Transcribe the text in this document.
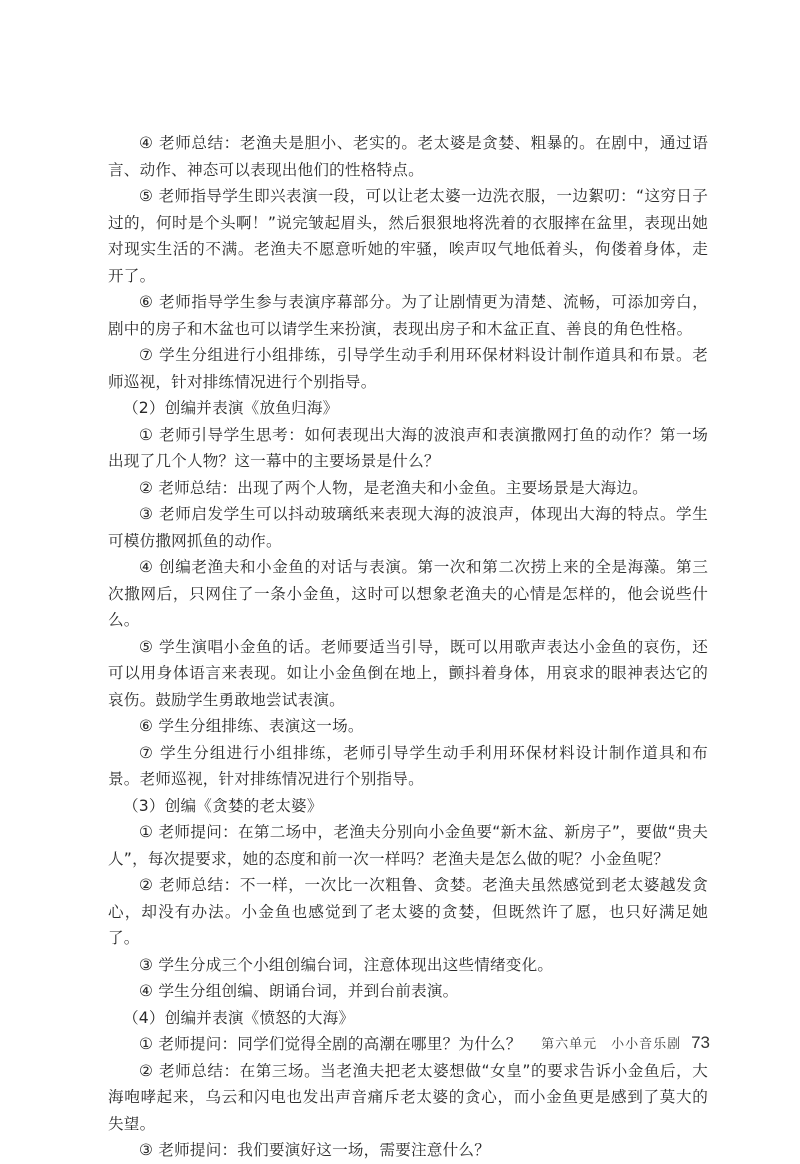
④ 老师总结：老渔夫是胆小、老实的。老太婆是贪婪、粗暴的。在剧中，通过语言、动作、神态可以表现出他们的性格特点。

⑤ 老师指导学生即兴表演一段，可以让老太婆一边洗衣服，一边絮叨：“这穷日子过的，何时是个头啊！”说完皱起眉头，然后狠狠地将洗着的衣服摔在盆里，表现出她对现实生活的不满。老渔夫不愿意听她的牢骚，唉声叹气地低着头，佝偻着身体，走开了。

⑥ 老师指导学生参与表演序幕部分。为了让剧情更为清楚、流畅，可添加旁白，剧中的房子和木盆也可以请学生来扮演，表现出房子和木盆正直、善良的角色性格。

⑦ 学生分组进行小组排练，引导学生动手利用环保材料设计制作道具和布景。老师巡视，针对排练情况进行个别指导。

（2）创编并表演《放鱼归海》

① 老师引导学生思考：如何表现出大海的波浪声和表演撒网打鱼的动作？第一场出现了几个人物？这一幕中的主要场景是什么？

② 老师总结：出现了两个人物，是老渔夫和小金鱼。主要场景是大海边。

③ 老师启发学生可以抖动玻璃纸来表现大海的波浪声，体现出大海的特点。学生可模仿撒网抓鱼的动作。

④ 创编老渔夫和小金鱼的对话与表演。第一次和第二次捞上来的全是海藻。第三次撒网后，只网住了一条小金鱼，这时可以想象老渔夫的心情是怎样的，他会说些什么。

⑤ 学生演唱小金鱼的话。老师要适当引导，既可以用歌声表达小金鱼的哀伤，还可以用身体语言来表现。如让小金鱼倒在地上，颤抖着身体，用哀求的眼神表达它的哀伤。鼓励学生勇敢地尝试表演。

⑥ 学生分组排练、表演这一场。

⑦ 学生分组进行小组排练，老师引导学生动手利用环保材料设计制作道具和布景。老师巡视，针对排练情况进行个别指导。

（3）创编《贪婪的老太婆》

① 老师提问：在第二场中，老渔夫分别向小金鱼要“新木盆、新房子”，要做“贵夫人”，每次提要求，她的态度和前一次一样吗？老渔夫是怎么做的呢？小金鱼呢？

② 老师总结：不一样，一次比一次粗鲁、贪婪。老渔夫虽然感觉到老太婆越发贪心，却没有办法。小金鱼也感觉到了老太婆的贪婪，但既然许了愿，也只好满足她了。

③ 学生分成三个小组创编台词，注意体现出这些情绪变化。

④ 学生分组创编、朗诵台词，并到台前表演。

（4）创编并表演《愤怒的大海》

① 老师提问：同学们觉得全剧的高潮在哪里？为什么？

② 老师总结：在第三场。当老渔夫把老太婆想做“女皇”的要求告诉小金鱼后，大海咆哮起来，乌云和闪电也发出声音痛斥老太婆的贪心，而小金鱼更是感到了莫大的失望。

③ 老师提问：我们要演好这一场，需要注意什么？

第六单元　小小音乐剧 73
